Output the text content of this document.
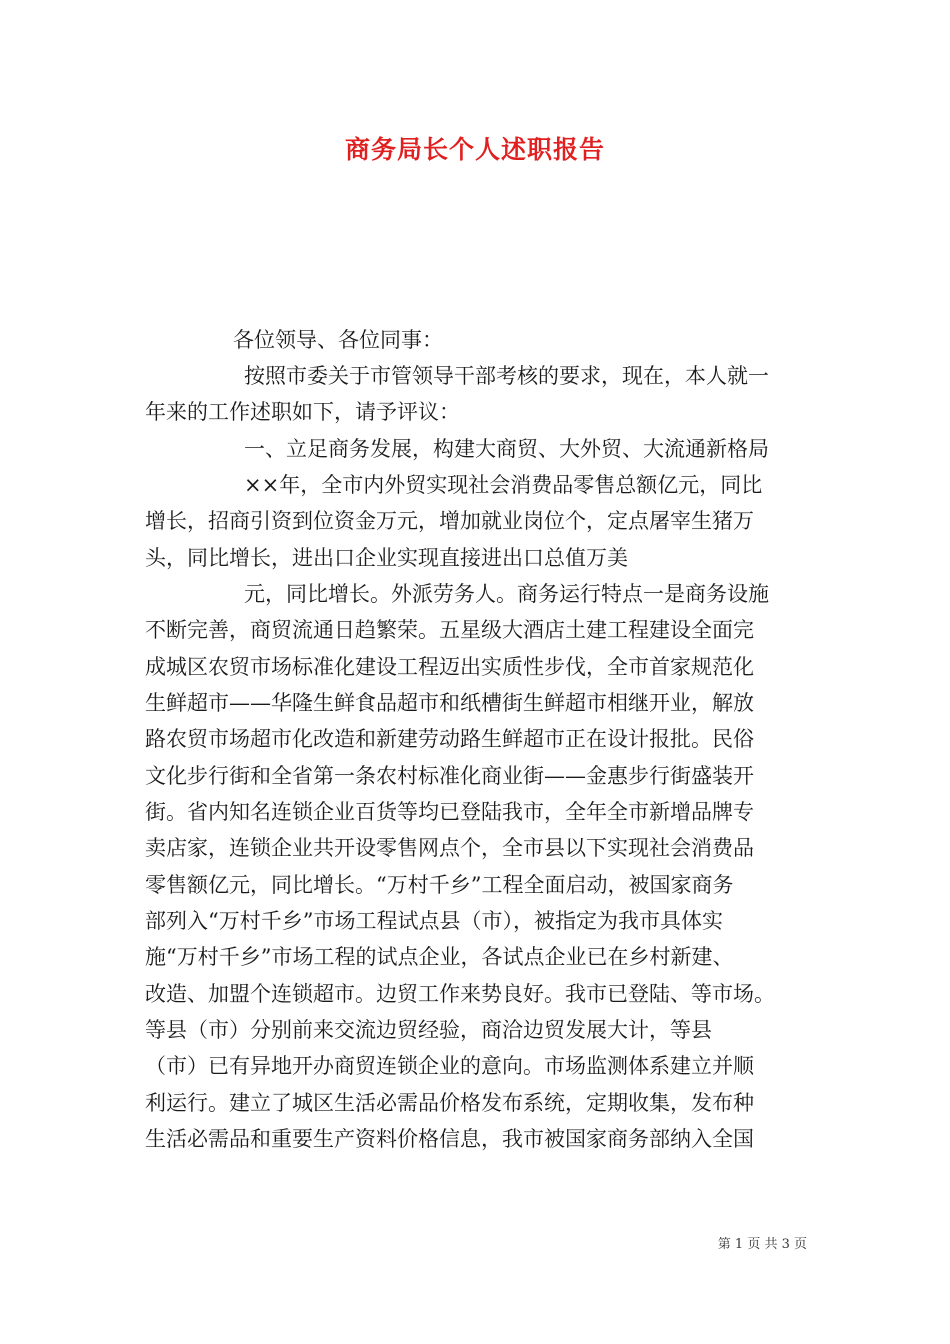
商务局长个人述职报告
各位领导、各位同事：
按照市委关于市管领导干部考核的要求，现在，本人就一
年来的工作述职如下，请予评议：
一、立足商务发展，构建大商贸、大外贸、大流通新格局
××年，全市内外贸实现社会消费品零售总额亿元，同比
增长，招商引资到位资金万元，增加就业岗位个，定点屠宰生猪万
头，同比增长，进出口企业实现直接进出口总值万美
元，同比增长。外派劳务人。商务运行特点一是商务设施
不断完善，商贸流通日趋繁荣。五星级大酒店土建工程建设全面完
成城区农贸市场标准化建设工程迈出实质性步伐，全市首家规范化
生鲜超市——华隆生鲜食品超市和纸槽街生鲜超市相继开业，解放
路农贸市场超市化改造和新建劳动路生鲜超市正在设计报批。民俗
文化步行街和全省第一条农村标准化商业街——金惠步行街盛装开
街。省内知名连锁企业百货等均已登陆我市，全年全市新增品牌专
卖店家，连锁企业共开设零售网点个，全市县以下实现社会消费品
零售额亿元，同比增长。“万村千乡”工程全面启动，被国家商务
部列入“万村千乡”市场工程试点县（市），被指定为我市具体实
施“万村千乡”市场工程的试点企业，各试点企业已在乡村新建、
改造、加盟个连锁超市。边贸工作来势良好。我市已登陆、等市场。
等县（市）分别前来交流边贸经验，商洽边贸发展大计，等县
（市）已有异地开办商贸连锁企业的意向。市场监测体系建立并顺
利运行。建立了城区生活必需品价格发布系统，定期收集，发布种
生活必需品和重要生产资料价格信息，我市被国家商务部纳入全国
第 1 页 共 3 页
